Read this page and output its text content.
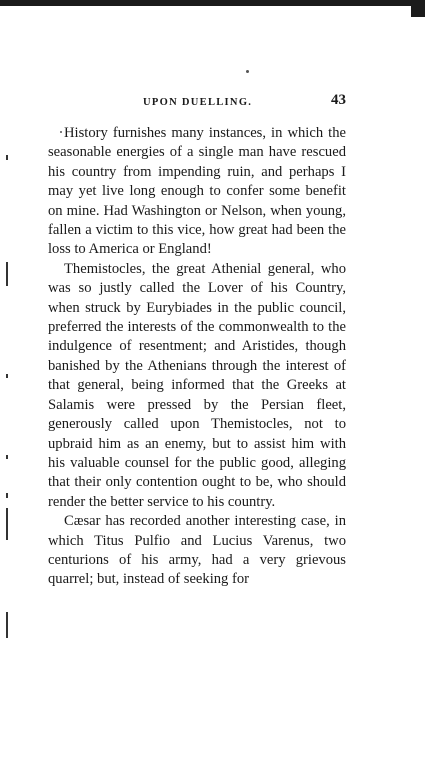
UPON DUELLING.	43

History furnishes many instances, in which the seasonable energies of a single man have rescued his country from impending ruin, and perhaps I may yet live long enough to confer some benefit on mine. Had Washington or Nelson, when young, fallen a victim to this vice, how great had been the loss to America or England!

Themistocles, the great Athenial general, who was so justly called the Lover of his Country, when struck by Eurybiades in the public council, preferred the interests of the commonwealth to the indulgence of resentment; and Aristides, though banished by the Athenians through the interest of that general, being informed that the Greeks at Salamis were pressed by the Persian fleet, generously called upon Themistocles, not to upbraid him as an enemy, but to assist him with his valuable counsel for the public good, alleging that their only contention ought to be, who should render the better service to his country.

Cæsar has recorded another interesting case, in which Titus Pulfio and Lucius Varenus, two centurions of his army, had a very grievous quarrel; but, instead of seeking for
